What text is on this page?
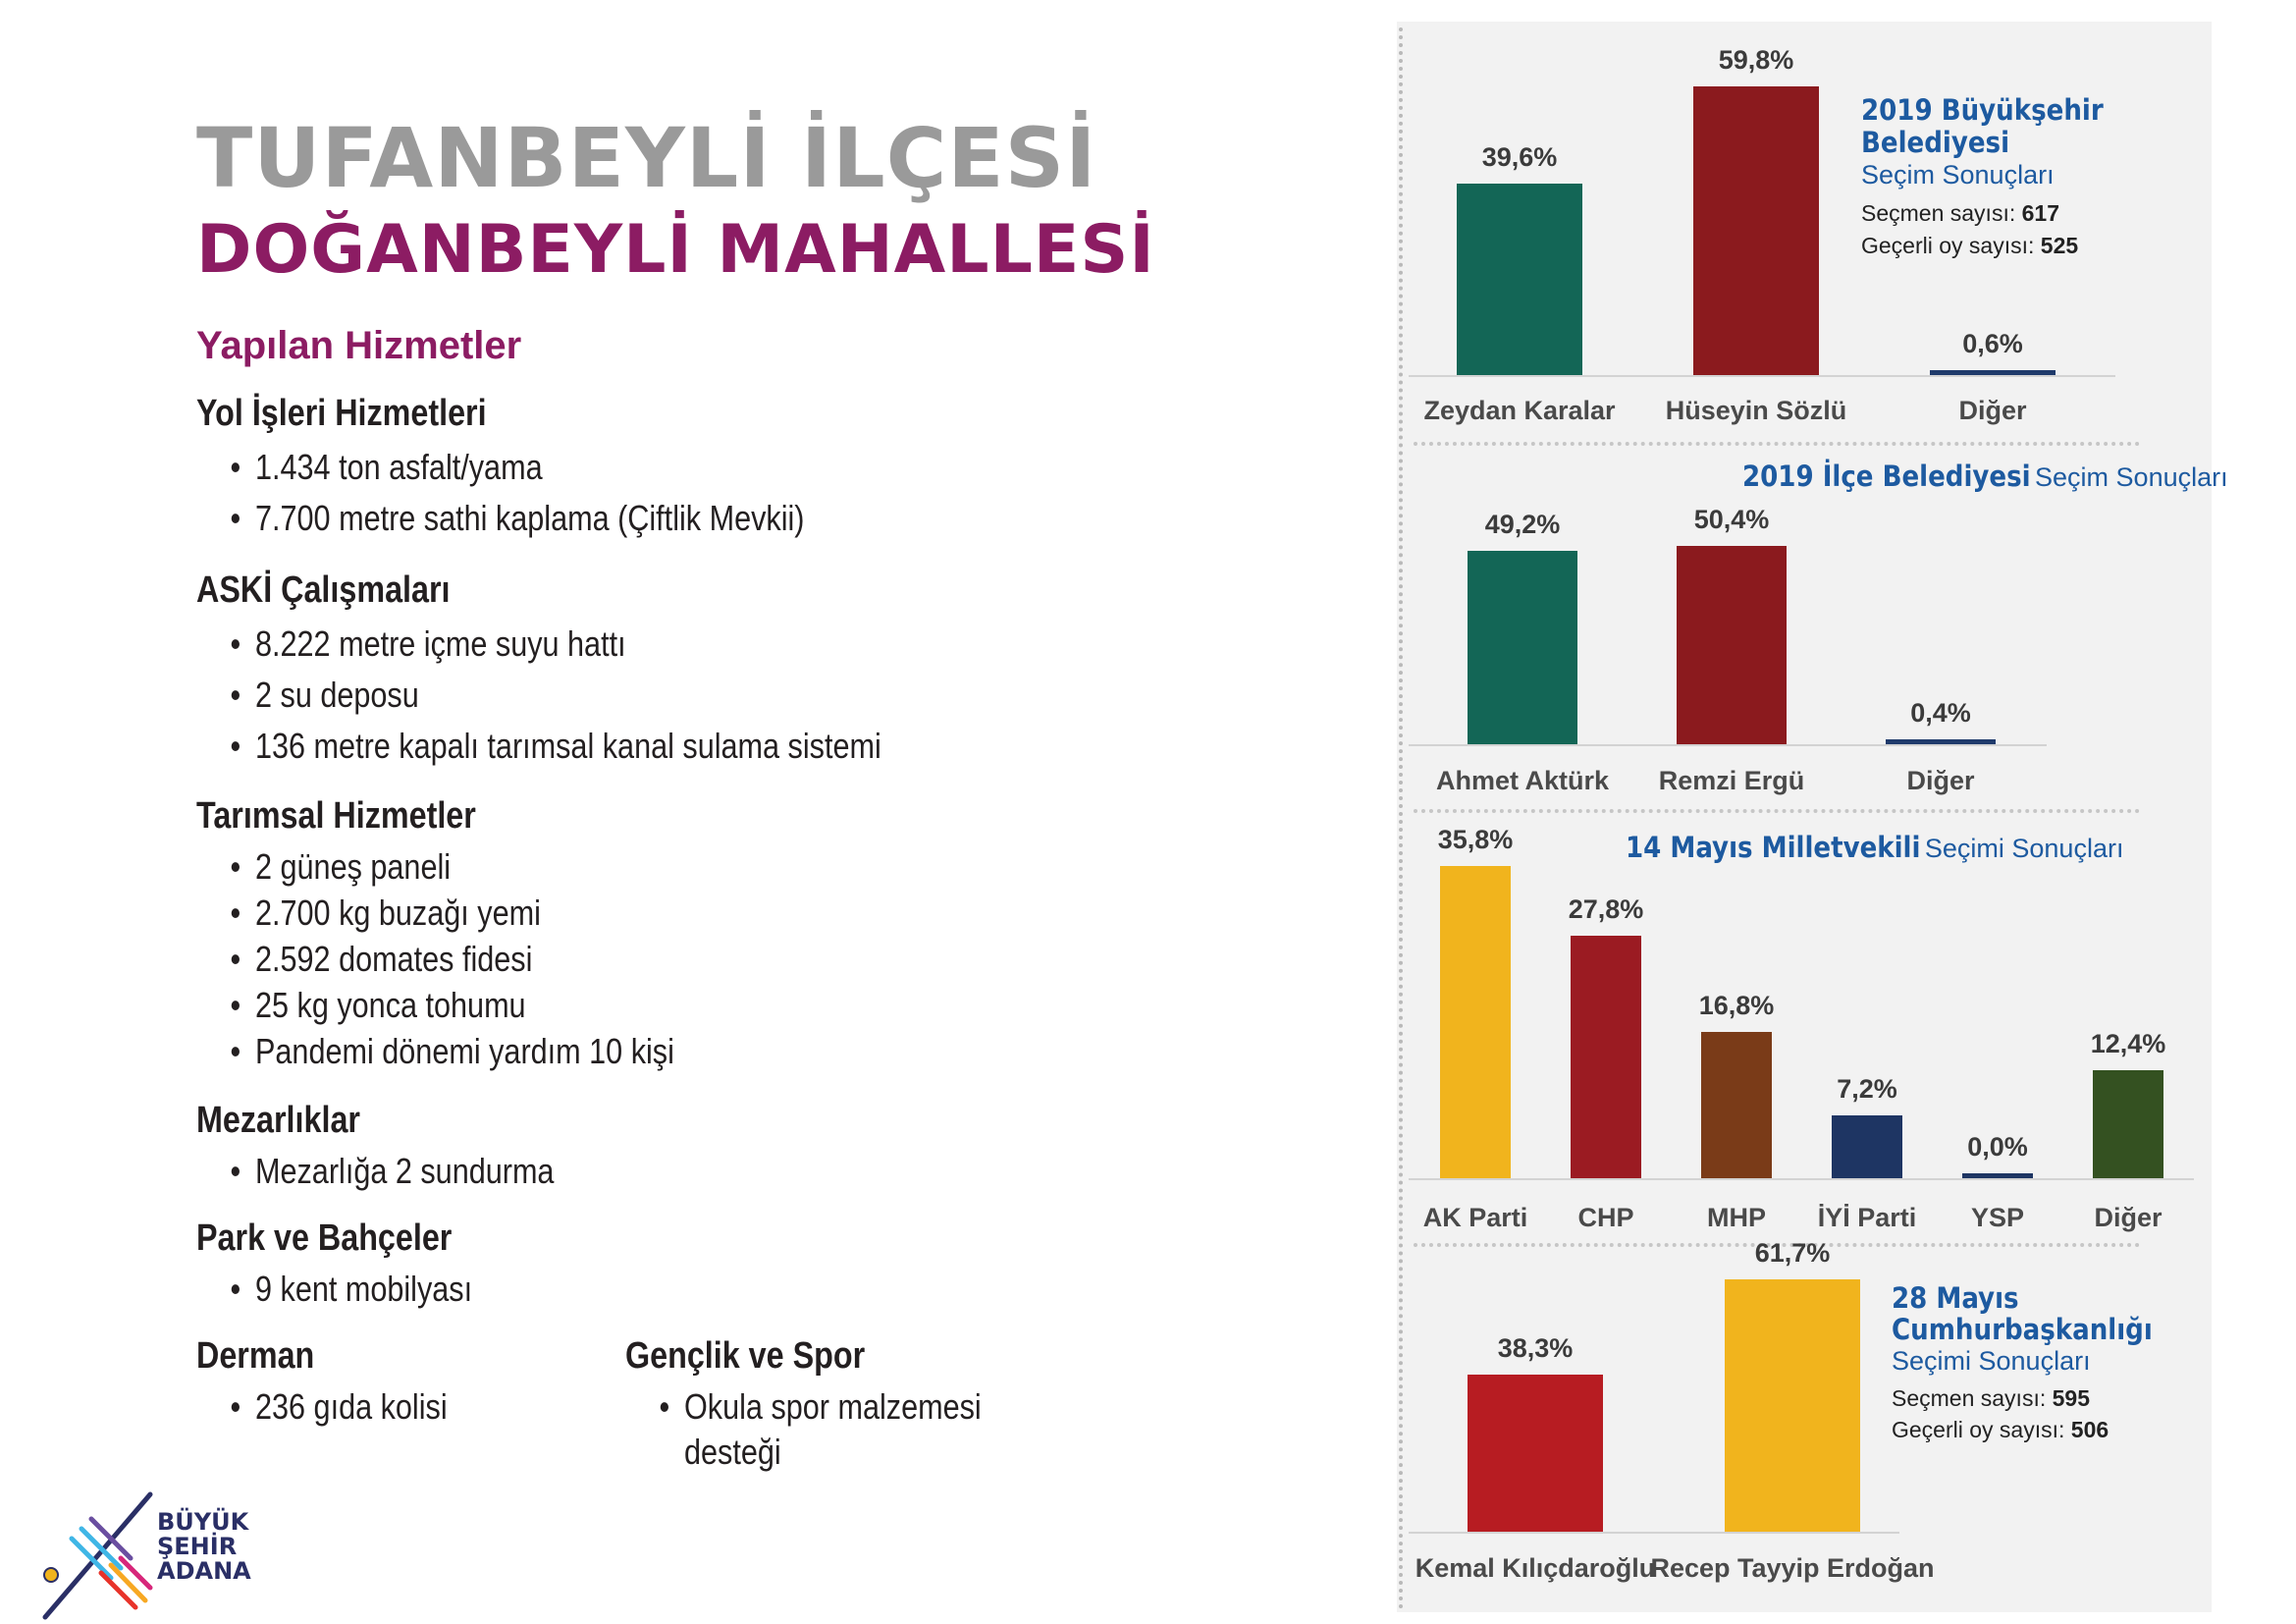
TUFANBEYLİ İLÇESİ
DOĞANBEYLİ MAHALLESİ
Yapılan Hizmetler
Yol İşleri Hizmetleri
• 1.434 ton asfalt/yama
• 7.700 metre sathi kaplama (Çiftlik Mevkii)
ASKİ Çalışmaları
• 8.222 metre içme suyu hattı
• 2 su deposu
• 136 metre kapalı tarımsal kanal sulama sistemi
Tarımsal Hizmetler
• 2 güneş paneli
• 2.700 kg buzağı yemi
• 2.592 domates fidesi
• 25 kg yonca tohumu
• Pandemi dönemi yardım 10 kişi
Mezarlıklar
• Mezarlığa 2 sundurma
Park ve Bahçeler
• 9 kent mobilyası
Derman
• 236 gıda kolisi
Gençlik ve Spor
• Okula spor malzemesi
desteği
BÜYÜK
ŞEHİR
ADANA
2019 Büyükşehir Belediyesi
Seçim Sonuçları
Seçmen sayısı: 617
Geçerli oy sayısı: 525
2019 İlçe Belediyesi Seçim Sonuçları
14 Mayıs Milletvekili Seçimi Sonuçları
28 Mayıs
Cumhurbaşkanlığı
Seçimi Sonuçları
Seçmen sayısı: 595
Geçerli oy sayısı: 506
39,6%
Zeydan Karalar
59,8%
Hüseyin Sözlü
0,6%
Diğer
49,2%
Ahmet Aktürk
50,4%
Remzi Ergü
0,4%
Diğer
35,8%
AK Parti
27,8%
CHP
16,8%
MHP
7,2%
İYİ Parti
0,0%
YSP
12,4%
Diğer
38,3%
Kemal Kılıçdaroğlu
61,7%
Recep Tayyip Erdoğan
